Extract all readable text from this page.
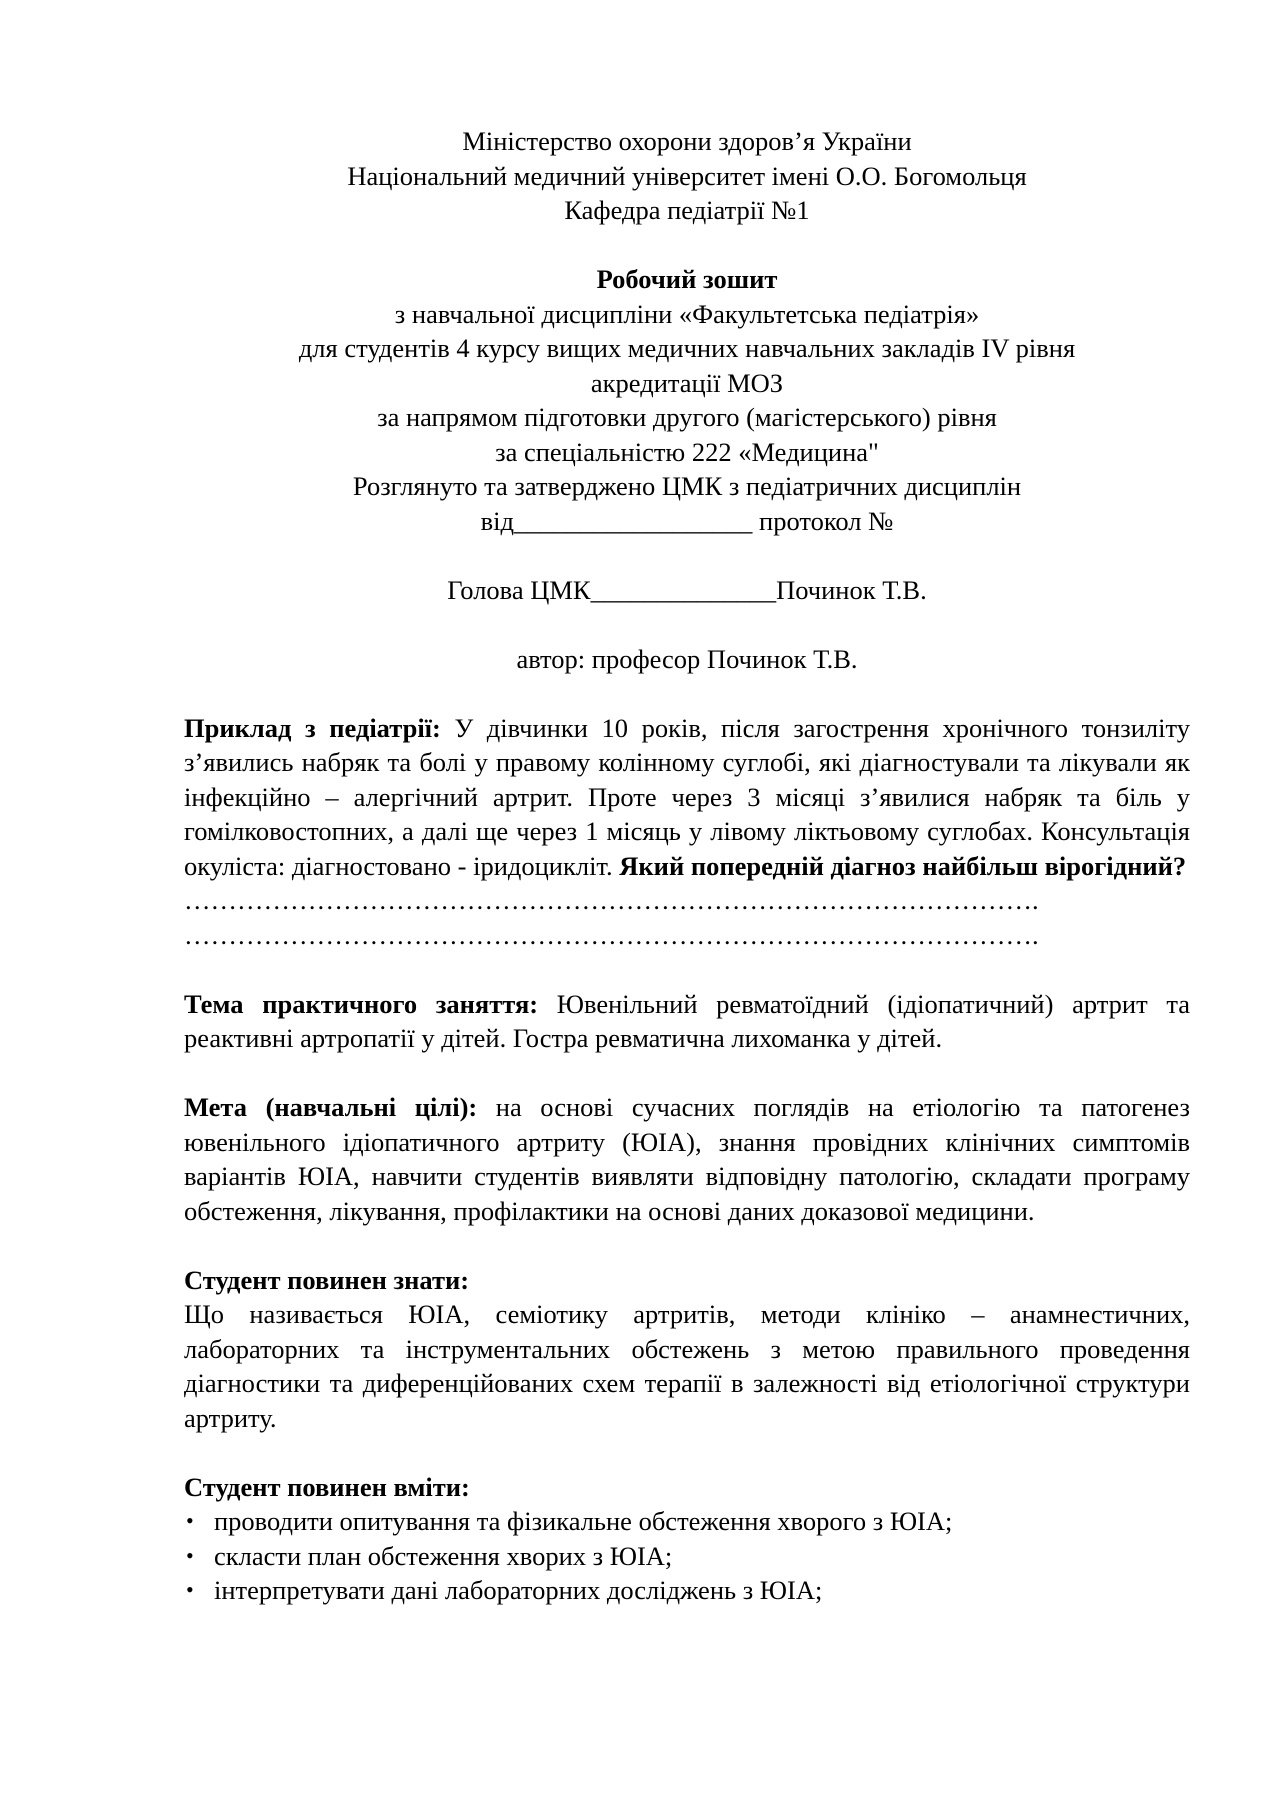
Міністерство охорони здоров’я України

Національний медичний університет імені О.О. Богомольця

Кафедра педіатрії №1

Робочий зошит

з навчальної дисципліни «Факультетська педіатрія»

для студентів 4 курсу вищих медичних навчальних закладів IV рівня

акредитації МОЗ

за напрямом підготовки другого (магістерського) рівня

за спеціальністю 222 «Медицина"

Розглянуто та затверджено ЦМК з педіатричних дисциплін

від__________________ протокол №

Голова ЦМК______________Починок Т.В.

автор: професор Починок Т.В.

Приклад з педіатрії: У дівчинки 10 років, після загострення хронічного тонзиліту з’явились набряк та болі у правому колінному суглобі, які діагностували та лікували як інфекційно – алергічний артрит. Проте через 3 місяці з’явилися набряк та біль у гомілковостопних, а далі ще через 1 місяць у лівому ліктьовому суглобах. Консультація окуліста: діагностовано - іридоцикліт. Який попередній діагноз найбільш вірогідний?

…………………………………………………………………………………….

…………………………………………………………………………………….

Тема практичного заняття: Ювенільний ревматоїдний (ідіопатичний) артрит та реактивні артропатії у дітей. Гостра ревматична лихоманка у дітей.

Мета (навчальні цілі): на основі сучасних поглядів на етіологію та патогенез ювенільного ідіопатичного артриту (ЮІА), знання провідних клінічних симптомів варіантів ЮІА, навчити студентів виявляти відповідну патологію, складати програму обстеження, лікування, профілактики на основі даних доказової медицини.

Студент повинен знати:

Що називається ЮІА, семіотику артритів, методи клініко – анамнестичних, лабораторних та інструментальних обстежень з метою правильного проведення діагностики та диференційованих схем терапії в залежності від етіологічної структури артриту.

Студент повинен вміти:

• проводити опитування та фізикальне обстеження хворого з ЮІА;
• скласти план обстеження хворих з ЮІА;
• інтерпретувати дані лабораторних досліджень з ЮІА;
